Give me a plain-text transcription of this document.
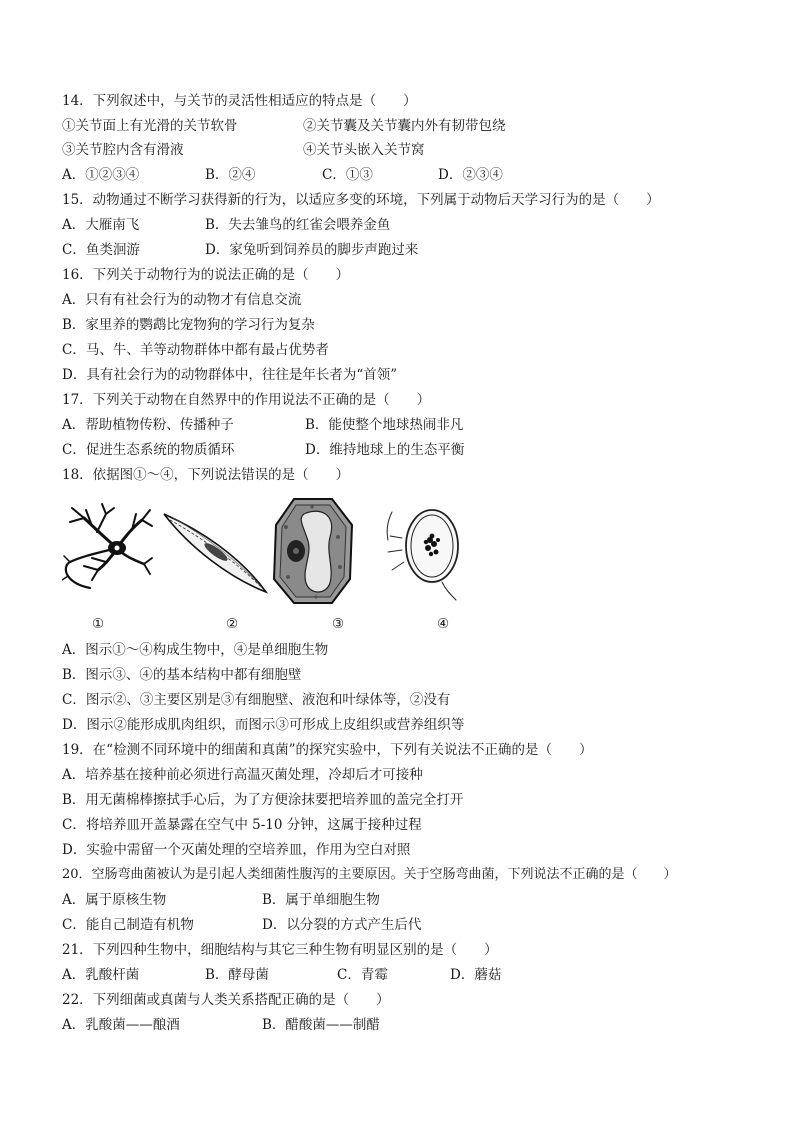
14．下列叙述中，与关节的灵活性相适应的特点是（　　）
①关节面上有光滑的关节软骨	②关节囊及关节囊内外有韧带包绕
③关节腔内含有滑液	④关节头嵌入关节窝
A．①②③④	B．②④	C．①③	D．②③④
15．动物通过不断学习获得新的行为，以适应多变的环境，下列属于动物后天学习行为的是（　　）
A．大雁南飞	B．失去雏鸟的红雀会喂养金鱼
C．鱼类洄游	D．家兔听到饲养员的脚步声跑过来
16．下列关于动物行为的说法正确的是（　　）
A．只有有社会行为的动物才有信息交流
B．家里养的鹦鹉比宠物狗的学习行为复杂
C．马、牛、羊等动物群体中都有最占优势者
D．具有社会行为的动物群体中，往往是年长者为“首领”
17．下列关于动物在自然界中的作用说法不正确的是（　　）
A．帮助植物传粉、传播种子	B．能使整个地球热闹非凡
C．促进生态系统的物质循环	D．维持地球上的生态平衡
18．依据图①～④，下列说法错误的是（　　）
①	②	③	④
A．图示①～④构成生物中，④是单细胞生物
B．图示③、④的基本结构中都有细胞壁
C．图示②、③主要区别是③有细胞壁、液泡和叶绿体等，②没有
D．图示②能形成肌肉组织，而图示③可形成上皮组织或营养组织等
19．在“检测不同环境中的细菌和真菌”的探究实验中，下列有关说法不正确的是（　　）
A．培养基在接种前必须进行高温灭菌处理，冷却后才可接种
B．用无菌棉棒擦拭手心后，为了方便涂抹要把培养皿的盖完全打开
C．将培养皿开盖暴露在空气中 5-10 分钟，这属于接种过程
D．实验中需留一个灭菌处理的空培养皿，作用为空白对照
20．空肠弯曲菌被认为是引起人类细菌性腹泻的主要原因。关于空肠弯曲菌，下列说法不正确的是（　　）
A．属于原核生物	B．属于单细胞生物
C．能自己制造有机物	D．以分裂的方式产生后代
21．下列四种生物中，细胞结构与其它三种生物有明显区别的是（　　）
A．乳酸杆菌	B．酵母菌	C．青霉	D．蘑菇
22．下列细菌或真菌与人类关系搭配正确的是（　　）
A．乳酸菌——酿酒	B．醋酸菌——制醋
